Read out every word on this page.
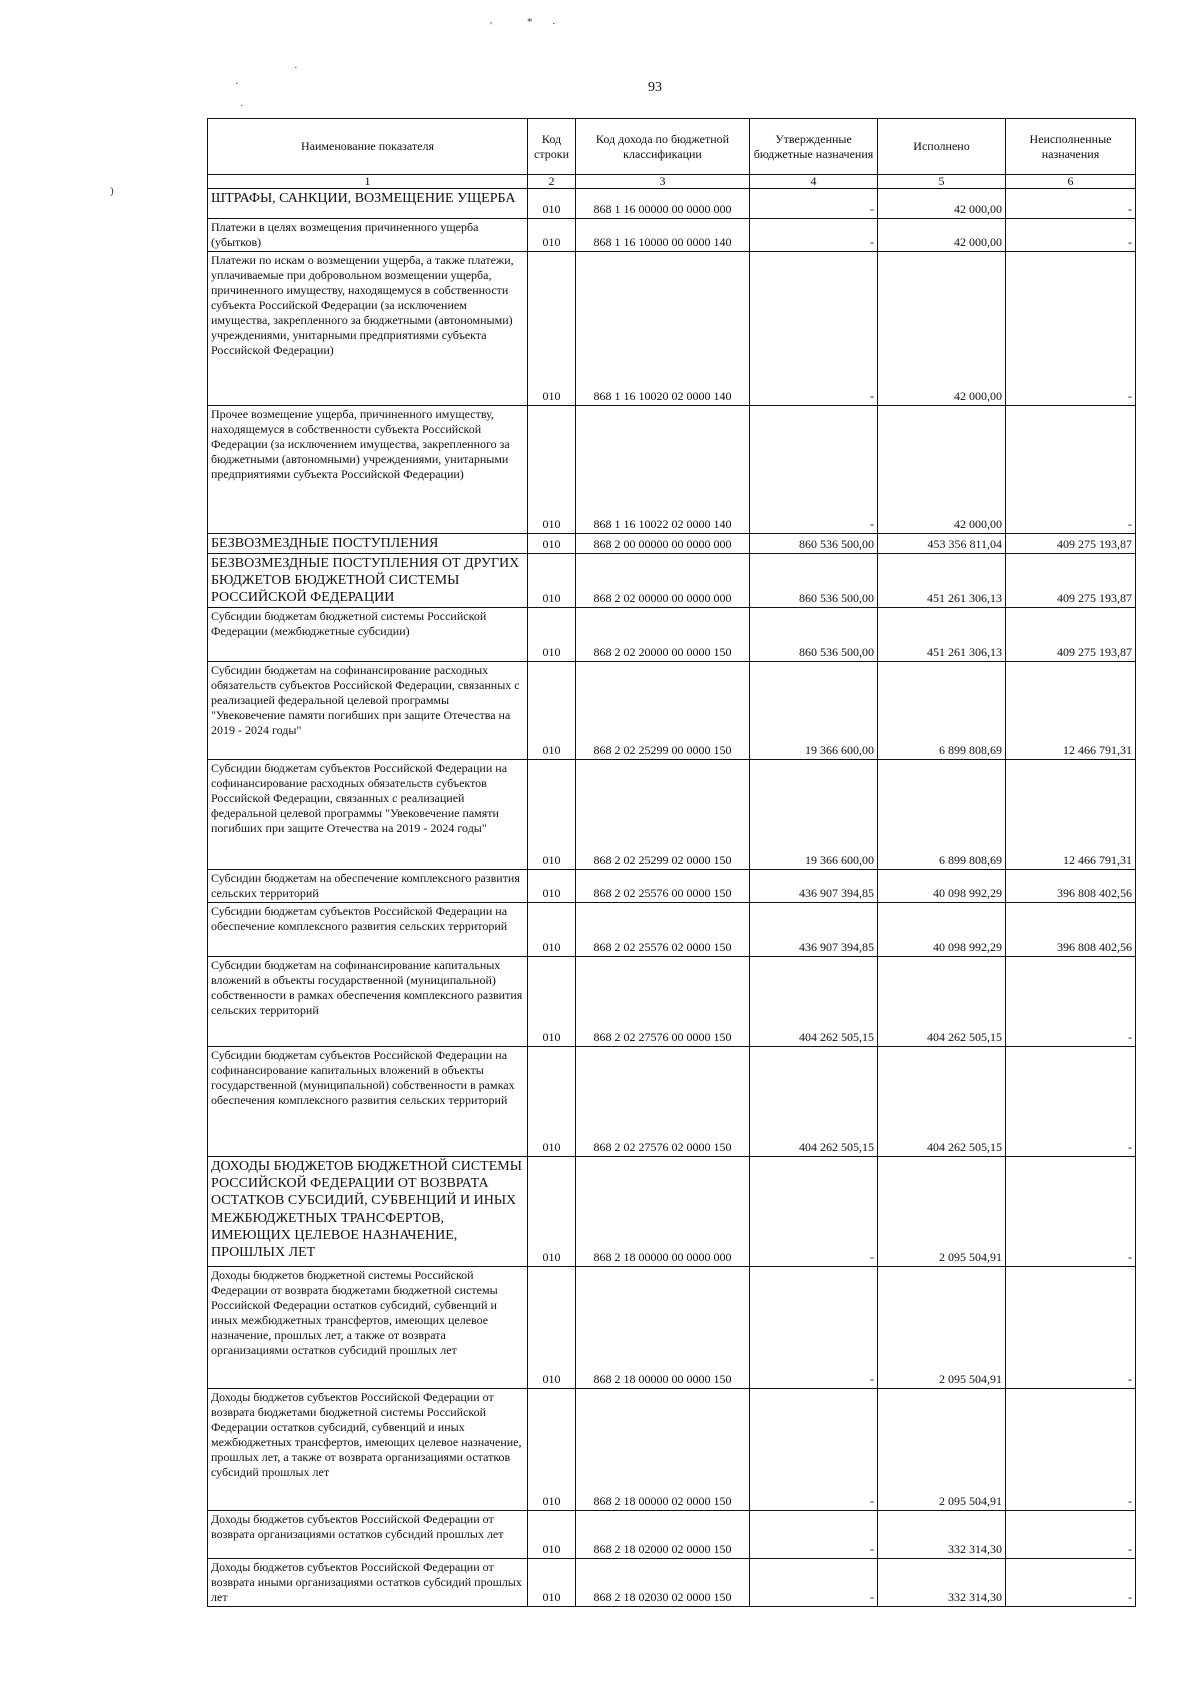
'	* ·
·
·
·
)
93
Наименование показателя	Код строки	Код дохода по бюджетной классификации	Утвержденные бюджетные назначения	Исполнено	Неисполненные назначения
1	2	3	4	5	6
ШТРАФЫ, САНКЦИИ, ВОЗМЕЩЕНИЕ УЩЕРБА	010	868 1 16 00000 00 0000 000	-	42 000,00	-
Платежи в целях возмещения причиненного ущерба (убытков)	010	868 1 16 10000 00 0000 140	-	42 000,00	-
Платежи по искам о возмещении ущерба, а также платежи, уплачиваемые при добровольном возмещении ущерба, причиненного имуществу, находящемуся в собственности субъекта Российской Федерации (за исключением имущества, закрепленного за бюджетными (автономными) учреждениями, унитарными предприятиями субъекта Российской Федерации)	010	868 1 16 10020 02 0000 140	-	42 000,00	-
Прочее возмещение ущерба, причиненного имуществу, находящемуся в собственности субъекта Российской Федерации (за исключением имущества, закрепленного за бюджетными (автономными) учреждениями, унитарными предприятиями субъекта Российской Федерации)	010	868 1 16 10022 02 0000 140	-	42 000,00	-
БЕЗВОЗМЕЗДНЫЕ ПОСТУПЛЕНИЯ	010	868 2 00 00000 00 0000 000	860 536 500,00	453 356 811,04	409 275 193,87
БЕЗВОЗМЕЗДНЫЕ ПОСТУПЛЕНИЯ ОТ ДРУГИХ БЮДЖЕТОВ БЮДЖЕТНОЙ СИСТЕМЫ РОССИЙСКОЙ ФЕДЕРАЦИИ	010	868 2 02 00000 00 0000 000	860 536 500,00	451 261 306,13	409 275 193,87
Субсидии бюджетам бюджетной системы Российской Федерации (межбюджетные субсидии)	010	868 2 02 20000 00 0000 150	860 536 500,00	451 261 306,13	409 275 193,87
Субсидии бюджетам на софинансирование расходных обязательств субъектов Российской Федерации, связанных с реализацией федеральной целевой программы "Увековечение памяти погибших при защите Отечества на 2019 - 2024 годы"	010	868 2 02 25299 00 0000 150	19 366 600,00	6 899 808,69	12 466 791,31
Субсидии бюджетам субъектов Российской Федерации на софинансирование расходных обязательств субъектов Российской Федерации, связанных с реализацией федеральной целевой программы "Увековечение памяти погибших при защите Отечества на 2019 - 2024 годы"	010	868 2 02 25299 02 0000 150	19 366 600,00	6 899 808,69	12 466 791,31
Субсидии бюджетам на обеспечение комплексного развития сельских территорий	010	868 2 02 25576 00 0000 150	436 907 394,85	40 098 992,29	396 808 402,56
Субсидии бюджетам субъектов Российской Федерации на обеспечение комплексного развития сельских территорий	010	868 2 02 25576 02 0000 150	436 907 394,85	40 098 992,29	396 808 402,56
Субсидии бюджетам на софинансирование капитальных вложений в объекты государственной (муниципальной) собственности в рамках обеспечения комплексного развития сельских территорий	010	868 2 02 27576 00 0000 150	404 262 505,15	404 262 505,15	-
Субсидии бюджетам субъектов Российской Федерации на софинансирование капитальных вложений в объекты государственной (муниципальной) собственности в рамках обеспечения комплексного развития сельских территорий	010	868 2 02 27576 02 0000 150	404 262 505,15	404 262 505,15	-
ДОХОДЫ БЮДЖЕТОВ БЮДЖЕТНОЙ СИСТЕМЫ РОССИЙСКОЙ ФЕДЕРАЦИИ ОТ ВОЗВРАТА ОСТАТКОВ СУБСИДИЙ, СУБВЕНЦИЙ И ИНЫХ МЕЖБЮДЖЕТНЫХ ТРАНСФЕРТОВ, ИМЕЮЩИХ ЦЕЛЕВОЕ НАЗНАЧЕНИЕ, ПРОШЛЫХ ЛЕТ	010	868 2 18 00000 00 0000 000	-	2 095 504,91	-
Доходы бюджетов бюджетной системы Российской Федерации от возврата бюджетами бюджетной системы Российской Федерации остатков субсидий, субвенций и иных межбюджетных трансфертов, имеющих целевое назначение, прошлых лет, а также от возврата организациями остатков субсидий прошлых лет	010	868 2 18 00000 00 0000 150	-	2 095 504,91	-
Доходы бюджетов субъектов Российской Федерации от возврата бюджетами бюджетной системы Российской Федерации остатков субсидий, субвенций и иных межбюджетных трансфертов, имеющих целевое назначение, прошлых лет, а также от возврата организациями остатков субсидий прошлых лет	010	868 2 18 00000 02 0000 150	-	2 095 504,91	-
Доходы бюджетов субъектов Российской Федерации от возврата организациями остатков субсидий прошлых лет	010	868 2 18 02000 02 0000 150	-	332 314,30	-
Доходы бюджетов субъектов Российской Федерации от возврата иными организациями остатков субсидий прошлых лет	010	868 2 18 02030 02 0000 150	-	332 314,30	-
